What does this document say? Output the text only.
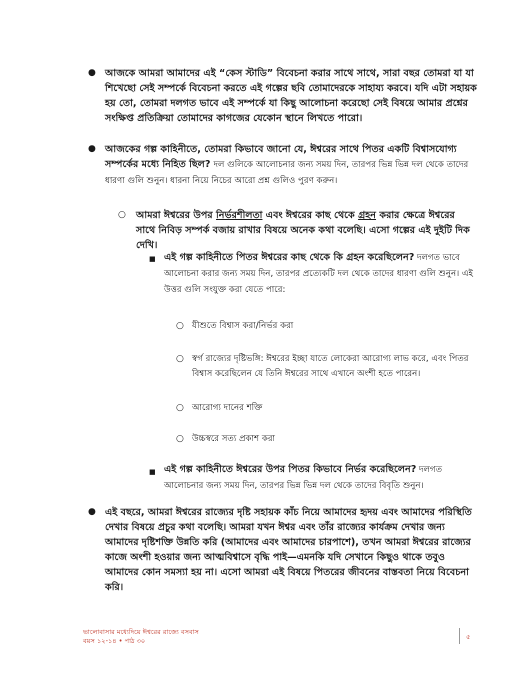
● আজকে আমরা আমাদের এই “কেস স্টাডি” বিবেচনা করার সাথে সাথে, সারা বছর তোমরা যা যা শিখেছো সেই সম্পর্কে বিবেচনা করতে এই গল্পের ছবি তোমাদেরকে সাহায্য করবে। যদি এটা সহায়ক হয় তো, তোমরা দলগত ভাবে এই সম্পর্কে যা কিছু আলোচনা করেছো সেই বিষয়ে আমার প্রশ্নের সংক্ষিপ্ত প্রতিক্রিয়া তোমাদের কাগজের যেকোন স্থানে লিখতে পারো।
● আজকের গল্প কাহিনীতে, তোমরা কিভাবে জানো যে, ঈশ্বরের সাথে পিতর একটি বিশ্বাসযোগ্য সম্পর্কের মধ্যে নিহিত ছিল? দল গুলিকে আলোচনার জন্য সময় দিন, তারপর ভিন্ন ভিন্ন দল থেকে তাদের ধারণা গুলি শুনুন। ধারনা নিয়ে নিচের আরো প্রশ্ন গুলিও পুরণ করুন।
○ আমরা ঈশ্বরের উপর নির্ভরশীলতা এবং ঈশ্বরের কাছ থেকে গ্রহন করার ক্ষেত্রে ঈশ্বরের সাথে নিবিড় সম্পর্ক বজায় রাখার বিষয়ে অনেক কথা বলেছি। এসো গল্পের এই দুইটি দিক দেখি।
■ এই গল্প কাহিনীতে পিতর ঈশ্বরের কাছ থেকে কি গ্রহন করেছিলেন? দলগত ভাবে আলোচনা করার জন্য সময় দিন, তারপর প্রত্যেকটি দল থেকে তাদের ধারণা গুলি শুনুন। এই উত্তর গুলি সংযুক্ত করা যেতে পারে:
○ যীশুতে বিশ্বাস করা/নির্ভর করা
○ স্বর্গ রাজ্যের দৃষ্টিভঙ্গি: ঈশ্বরের ইচ্ছা যাতে লোকেরা আরোগ্য লাভ করে, এবং পিতর বিশ্বাস করেছিলেন যে তিনি ঈশ্বরের সাথে এখানে অংশী হতে পারেন।
○ আরোগ্য দানের শক্তি
○ উচ্চস্বরে সত্য প্রকাশ করা
■ এই গল্প কাহিনীতে ঈশ্বরের উপর পিতর কিভাবে নির্ভর করেছিলেন? দলগত আলোচনার জন্য সময় দিন, তারপর ভিন্ন ভিন্ন দল থেকে তাদের বিবৃতি শুনুন।
● এই বছরে, আমরা ঈশ্বরের রাজ্যের দৃষ্টি সহায়ক কাঁচ নিয়ে আমাদের হৃদয় এবং আমাদের পরিস্থিতি দেখার বিষয়ে প্রচুর কথা বলেছি। আমরা যখন ঈশ্বর এবং তাঁর রাজ্যের কার্যক্রম দেখার জন্য আমাদের দৃষ্টিশক্তি উন্নতি করি (আমাদের এবং আমাদের চারপাশে), তখন আমরা ঈশ্বরের রাজ্যের কাজে অংশী হওয়ার জন্য আত্মবিশ্বাসে বৃদ্ধি পাই—এমনকি যদি সেখানে কিছুও থাকে তবুও আমাদের কোন সমস্যা হয় না। এসো আমরা এই বিষয়ে পিতরের জীবনের বাস্তবতা নিয়ে বিবেচনা করি।
ভালোবাসার মধ্যেদিয়ে ঈশ্বরের রাজ্যে বসবাস
বয়স ১২-১৪ • পাঠ ৩০	৫
